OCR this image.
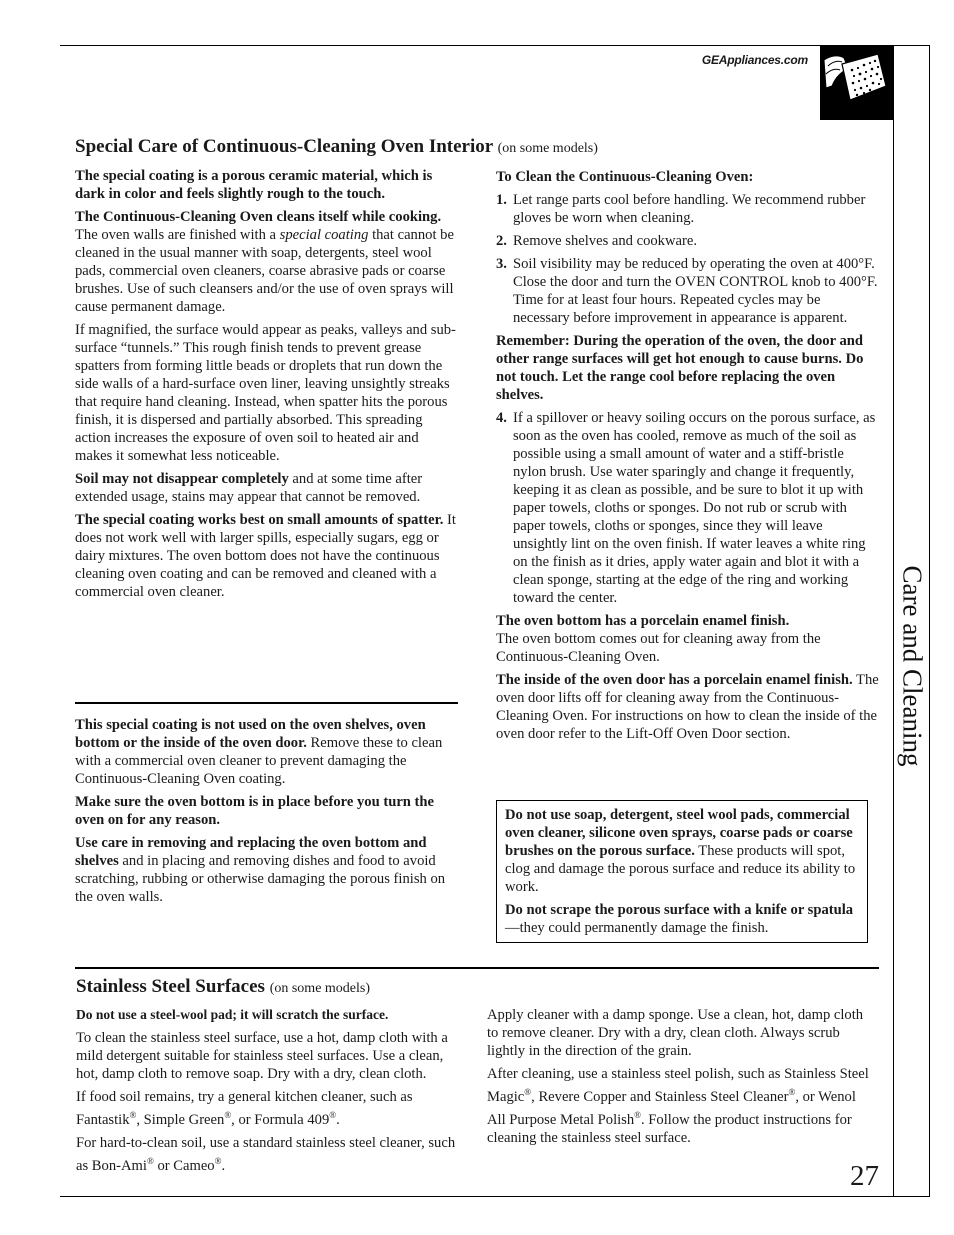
GEAppliances.com
Care and Cleaning
27
Special Care of Continuous-Cleaning Oven Interior (on some models)

The special coating is a porous ceramic material, which is dark in color and feels slightly rough to the touch.

The Continuous-Cleaning Oven cleans itself while cooking. The oven walls are finished with a special coating that cannot be cleaned in the usual manner with soap, detergents, steel wool pads, commercial oven cleaners, coarse abrasive pads or coarse brushes. Use of such cleansers and/or the use of oven sprays will cause permanent damage.

If magnified, the surface would appear as peaks, valleys and sub-surface “tunnels.” This rough finish tends to prevent grease spatters from forming little beads or droplets that run down the side walls of a hard-surface oven liner, leaving unsightly streaks that require hand cleaning. Instead, when spatter hits the porous finish, it is dispersed and partially absorbed. This spreading action increases the exposure of oven soil to heated air and makes it somewhat less noticeable.

Soil may not disappear completely and at some time after extended usage, stains may appear that cannot be removed.

The special coating works best on small amounts of spatter. It does not work well with larger spills, especially sugars, egg or dairy mixtures. The oven bottom does not have the continuous cleaning oven coating and can be removed and cleaned with a commercial oven cleaner.

This special coating is not used on the oven shelves, oven bottom or the inside of the oven door. Remove these to clean with a commercial oven cleaner to prevent damaging the Continuous-Cleaning Oven coating.

Make sure the oven bottom is in place before you turn the oven on for any reason.

Use care in removing and replacing the oven bottom and shelves and in placing and removing dishes and food to avoid scratching, rubbing or otherwise damaging the porous finish on the oven walls.

To Clean the Continuous-Cleaning Oven:

1. Let range parts cool before handling. We recommend rubber gloves be worn when cleaning.
2. Remove shelves and cookware.
3. Soil visibility may be reduced by operating the oven at 400°F. Close the door and turn the OVEN CONTROL knob to 400°F. Time for at least four hours. Repeated cycles may be necessary before improvement in appearance is apparent.

Remember: During the operation of the oven, the door and other range surfaces will get hot enough to cause burns. Do not touch. Let the range cool before replacing the oven shelves.

4. If a spillover or heavy soiling occurs on the porous surface, as soon as the oven has cooled, remove as much of the soil as possible using a small amount of water and a stiff-bristle nylon brush. Use water sparingly and change it frequently, keeping it as clean as possible, and be sure to blot it up with paper towels, cloths or sponges. Do not rub or scrub with paper towels, cloths or sponges, since they will leave unsightly lint on the oven finish. If water leaves a white ring on the finish as it dries, apply water again and blot it with a clean sponge, starting at the edge of the ring and working toward the center.

The oven bottom has a porcelain enamel finish.
The oven bottom comes out for cleaning away from the Continuous-Cleaning Oven.

The inside of the oven door has a porcelain enamel finish. The oven door lifts off for cleaning away from the Continuous-Cleaning Oven. For instructions on how to clean the inside of the oven door refer to the Lift-Off Oven Door section.

Do not use soap, detergent, steel wool pads, commercial oven cleaner, silicone oven sprays, coarse pads or coarse brushes on the porous surface. These products will spot, clog and damage the porous surface and reduce its ability to work.

Do not scrape the porous surface with a knife or spatula—they could permanently damage the finish.

Stainless Steel Surfaces (on some models)

Do not use a steel-wool pad; it will scratch the surface.

To clean the stainless steel surface, use a hot, damp cloth with a mild detergent suitable for stainless steel surfaces. Use a clean, hot, damp cloth to remove soap. Dry with a dry, clean cloth.

If food soil remains, try a general kitchen cleaner, such as Fantastik®, Simple Green®, or Formula 409®.

For hard-to-clean soil, use a standard stainless steel cleaner, such as Bon-Ami® or Cameo®.

Apply cleaner with a damp sponge. Use a clean, hot, damp cloth to remove cleaner. Dry with a dry, clean cloth. Always scrub lightly in the direction of the grain.

After cleaning, use a stainless steel polish, such as Stainless Steel Magic®, Revere Copper and Stainless Steel Cleaner®, or Wenol All Purpose Metal Polish®. Follow the product instructions for cleaning the stainless steel surface.
